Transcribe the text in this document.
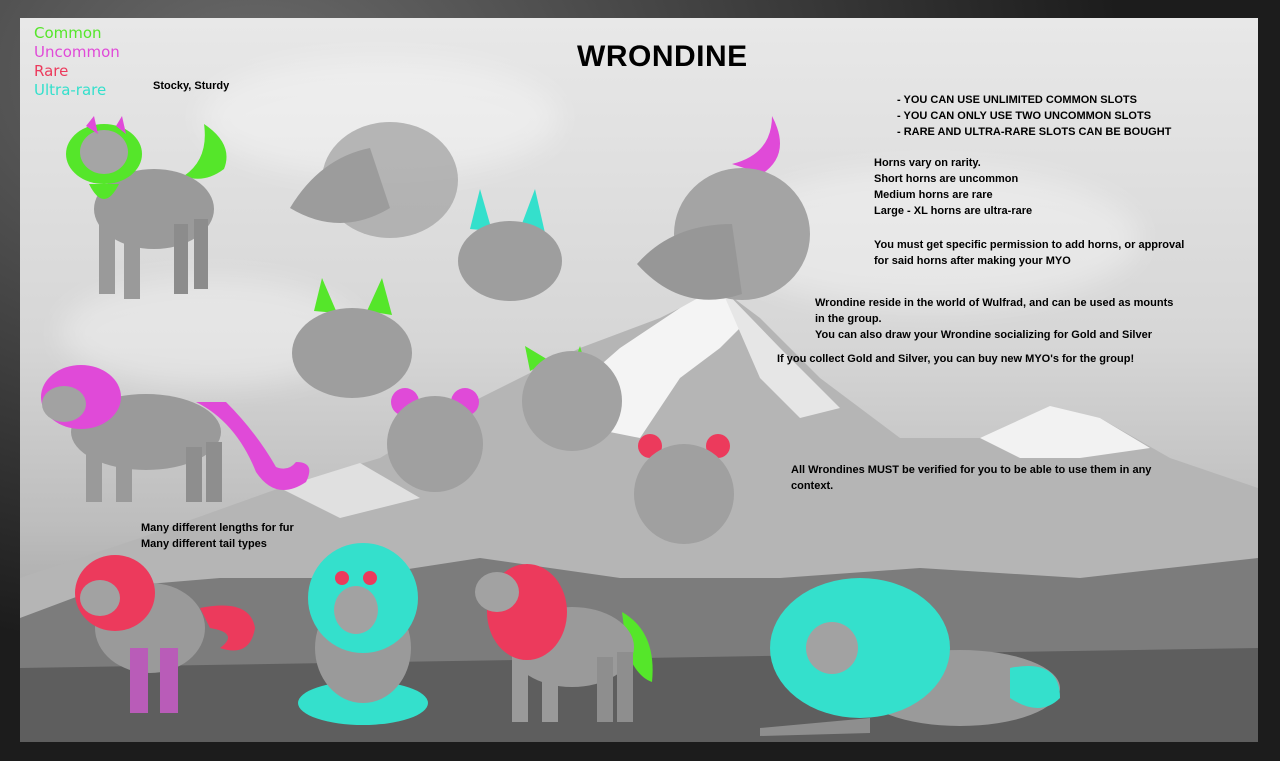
Common
Uncommon
Rare
Ultra-rare
WRONDINE
Stocky, Sturdy
- YOU CAN USE UNLIMITED COMMON SLOTS
- YOU CAN ONLY USE TWO UNCOMMON SLOTS
- RARE AND ULTRA-RARE SLOTS CAN BE BOUGHT
Horns vary on rarity.
Short horns are uncommon
Medium horns are rare
Large - XL horns are ultra-rare
You must get specific permission to add horns, or approval
for said horns after making your MYO
Wrondine reside in the world of Wulfrad, and can be used as mounts
in the group.
You can also draw your Wrondine socializing for Gold and Silver
If you collect Gold and Silver, you can buy new MYO's for the group!
All Wrondines MUST be verified for you to be able to use them in any
context.
Many different lengths for fur
Many different tail types
